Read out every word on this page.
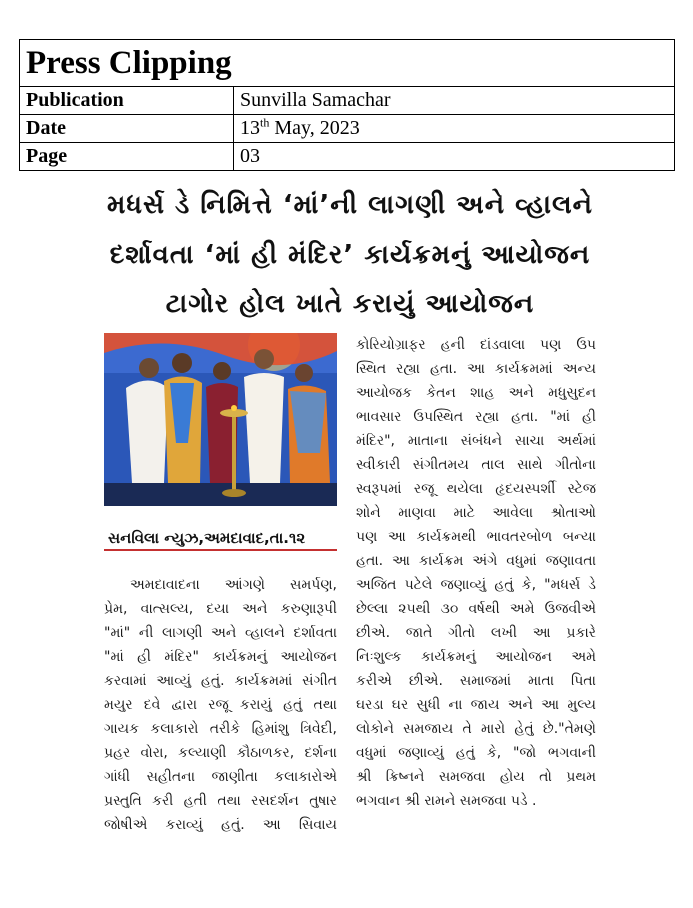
Press Clipping	
Publication	Sunvilla Samachar
Date	13th May, 2023
Page	03
મધર્સ ડે નિમિત્તે ‘માં’ની લાગણી અને વ્હાલને
દર્શાવતા ‘માં હી મંદિર’ કાર્યક્રમનું આયોજન
ટાગોર હોલ ખાતે કરાયું આયોજન
સનવિલા ન્યુઝ,અમદાવાદ,તા.૧૨
અમદાવાદના આંગણે સમર્પણ,
પ્રેમ, વાત્સલ્ય, દયા અને કરુણારૂપી
"માં" ની લાગણી અને વ્હાલને દર્શાવતા
"માં હી મંદિર" કાર્યક્રમનું આયોજન
કરવામાં આવ્યું હતું. કાર્યક્રમમાં સંગીત
મયુર દવે દ્વારા રજૂ કરાયું હતું તથા
ગાયક કલાકારો તરીકે હિમાંશુ ત્રિવેદી,
પ્રહર વોરા, કલ્યાણી કૌઠાળકર, દર્શના
ગાંધી સહીતના જાણીતા કલાકારોએ
પ્રસ્તુતિ કરી હતી તથા રસદર્શન તુષાર
જોષીએ કરાવ્યું હતું. આ સિવાય
કોરિયોગ્રાફર હની દાંડવાલા પણ ઉપ
સ્થિત રહ્યા હતા. આ કાર્યક્રમમાં અન્ય
આયોજક કેતન શાહ અને મધુસુદન
ભાવસાર ઉપસ્થિત રહ્યા હતા. "માં હી
મંદિર", માતાના સંબંધને સાચા અર્થમાં
સ્વીકારી સંગીતમય તાલ સાથે ગીતોના
સ્વરૂપમાં રજૂ થયેલા હૃદયસ્પર્શી સ્ટેજ
શોને માણવા માટે આવેલા શ્રોતાઓ
પણ આ કાર્યક્રમથી ભાવતરબોળ બન્યા
હતા. આ કાર્યક્રમ અંગે વધુમાં જણાવતા
અજિત પટેલે જણાવ્યું હતું કે, "મધર્સ ડે
છેલ્લા ૨૫થી ૩૦ વર્ષથી અમે ઉજવીએ
છીએ. જાતે ગીતો લખી આ પ્રકારે
નિઃશુલ્ક કાર્યક્રમનું આયોજન અમે
કરીએ છીએ. સમાજમાં માતા પિતા
ઘરડા ઘર સુધી ના જાય અને આ મુલ્ય
લોકોને સમજાય તે મારો હેતું છે."તેમણે
વધુમાં જણાવ્યું હતું કે, "જો ભગવાની
શ્રી ક્રિષ્નને સમજવા હોય તો પ્રથમ
ભગવાન શ્રી રામને સમજવા પડે .
